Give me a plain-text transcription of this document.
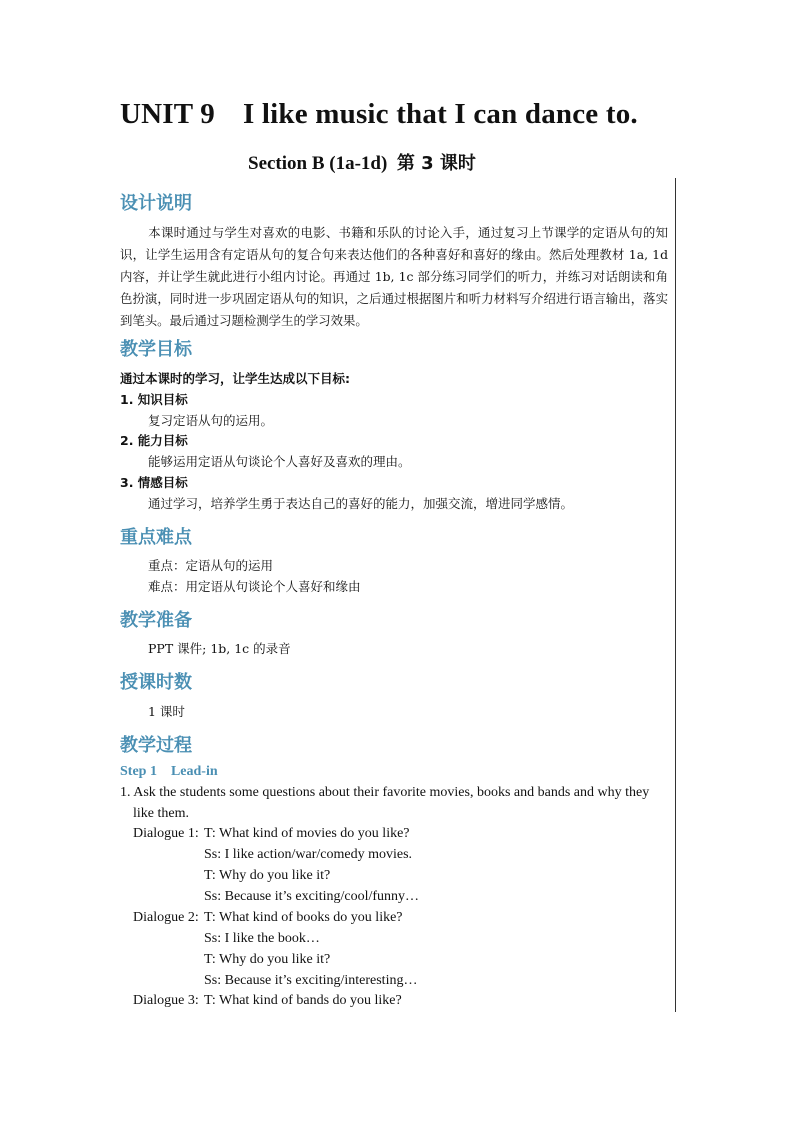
UNIT 9 I like music that I can dance to.
Section B (1a-1d) 第 3 课时
设计说明
本课时通过与学生对喜欢的电影、书籍和乐队的讨论入手，通过复习上节课学的定语从句的知识，让学生运用含有定语从句的复合句来表达他们的各种喜好和喜好的缘由。然后处理教材 1a, 1d 内容，并让学生就此进行小组内讨论。再通过 1b, 1c 部分练习同学们的听力，并练习对话朗读和角色扮演，同时进一步巩固定语从句的知识，之后通过根据图片和听力材料写介绍进行语言输出，落实到笔头。最后通过习题检测学生的学习效果。
教学目标
通过本课时的学习，让学生达成以下目标:
1. 知识目标
复习定语从句的运用。
2. 能力目标
能够运用定语从句谈论个人喜好及喜欢的理由。
3. 情感目标
通过学习，培养学生勇于表达自己的喜好的能力，加强交流，增进同学感情。
重点难点
重点：定语从句的运用
难点：用定语从句谈论个人喜好和缘由
教学准备
PPT 课件; 1b, 1c 的录音
授课时数
1 课时
教学过程
Step 1 Lead-in
1. Ask the students some questions about their favorite movies, books and bands and why they
like them.
Dialogue 1: T: What kind of movies do you like?
Ss: I like action/war/comedy movies.
T: Why do you like it?
Ss: Because it’s exciting/cool/funny…
Dialogue 2: T: What kind of books do you like?
Ss: I like the book…
T: Why do you like it?
Ss: Because it’s exciting/interesting…
Dialogue 3: T: What kind of bands do you like?
